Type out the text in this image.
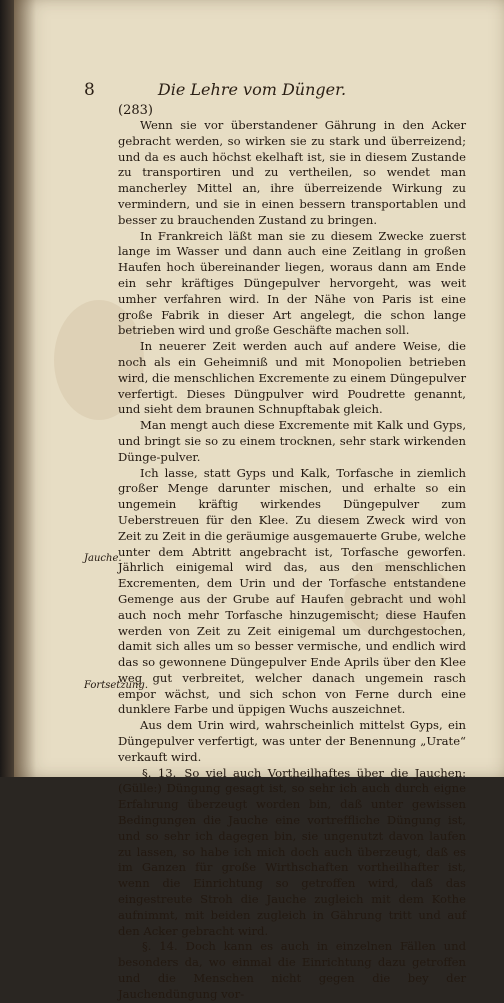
8	Die Lehre vom Dünger.
(283)

Wenn sie vor überstandener Gährung in den Acker gebracht werden, so wirken sie zu stark und überreizend; und da es auch höchst ekelhaft ist, sie in diesem Zustande zu transportiren und zu vertheilen, so wendet man mancherley Mittel an, ihre überreizende Wirkung zu vermindern, und sie in einen bessern transportablen und besser zu brauchenden Zustand zu bringen.

In Frankreich läßt man sie zu diesem Zwecke zuerst lange im Wasser und dann auch eine Zeitlang in großen Haufen hoch übereinander liegen, woraus dann am Ende ein sehr kräftiges Düngepulver hervorgeht, was weit umher verfahren wird. In der Nähe von Paris ist eine große Fabrik in dieser Art angelegt, die schon lange betrieben wird und große Geschäfte machen soll.

In neuerer Zeit werden auch auf andere Weise, die noch als ein Geheimniß und mit Monopolien betrieben wird, die menschlichen Excremente zu einem Düngepulver verfertigt. Dieses Düngpulver wird Poudrette genannt, und sieht dem braunen Schnupftabak gleich.

Man mengt auch diese Excremente mit Kalk und Gyps, und bringt sie so zu einem trocknen, sehr stark wirkenden Dünge-pulver.

Ich lasse, statt Gyps und Kalk, Torfasche in ziemlich großer Menge darunter mischen, und erhalte so ein ungemein kräftig wirkendes Düngepulver zum Ueberstreuen für den Klee. Zu diesem Zweck wird von Zeit zu Zeit in die geräumige ausgemauerte Grube, welche unter dem Abtritt angebracht ist, Torfasche geworfen. Jährlich einigemal wird das, aus den menschlichen Excrementen, dem Urin und der Torfasche entstandene Gemenge aus der Grube auf Haufen gebracht und wohl auch noch mehr Torfasche hinzugemischt; diese Haufen werden von Zeit zu Zeit einigemal um durchgestochen, damit sich alles um so besser vermische, und endlich wird das so gewonnene Düngepulver Ende Aprils über den Klee weg gut verbreitet, welcher danach ungemein rasch empor wächst, und sich schon von Ferne durch eine dunklere Farbe und üppigen Wuchs auszeichnet.

Aus dem Urin wird, wahrscheinlich mittelst Gyps, ein Düngepulver verfertigt, was unter der Benennung „Urate“ verkauft wird.

§. 13. So viel auch Vortheilhaftes über die Jauchen:(Gülle:) Düngung gesagt ist, so sehr ich auch durch eigne Erfahrung überzeugt worden bin, daß unter gewissen Bedingungen die Jauche eine vortreffliche Düngung ist, und so sehr ich dagegen bin, sie ungenutzt davon laufen zu lassen, so habe ich mich doch auch überzeugt, daß es im Ganzen für große Wirthschaften vortheilhafter ist, wenn die Einrichtung so getroffen wird, daß das eingestreute Stroh die Jauche zugleich mit dem Kothe aufnimmt, mit beiden zugleich in Gährung tritt und auf den Acker gebracht wird.

§. 14. Doch kann es auch in einzelnen Fällen und besonders da, wo einmal die Einrichtung dazu getroffen und die Menschen nicht gegen die bey der Jauchendüngung vor-

Jauche.
Fortsetzung.
